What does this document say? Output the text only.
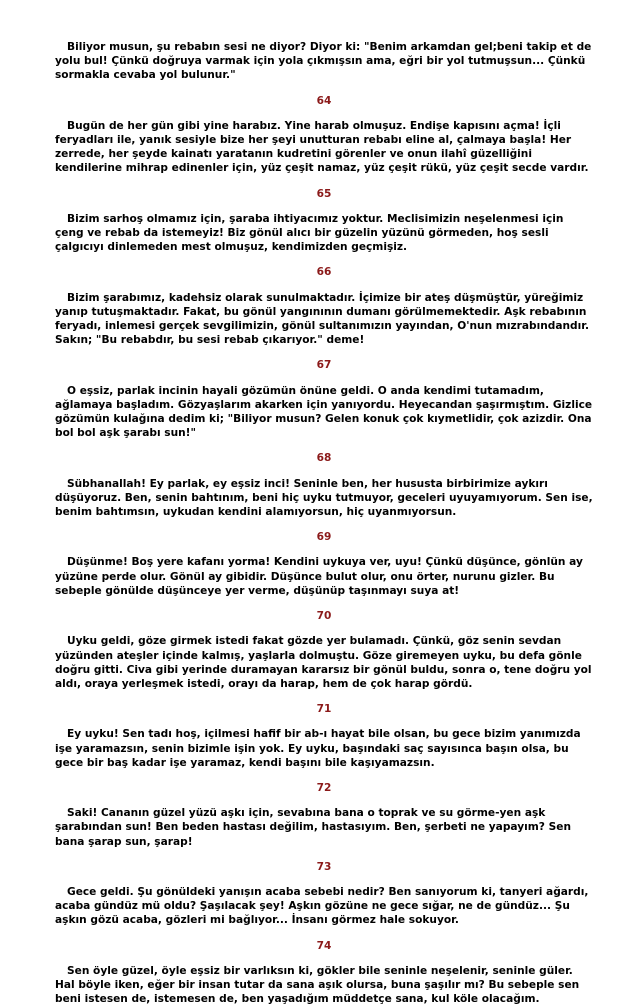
Biliyor musun, şu rebabın sesi ne diyor? Diyor ki: "Benim arkamdan gel;beni takip et de yolu bul! Çünkü doğruya varmak için yola çıkmışsın ama, eğri bir yol tutmuşsun... Çünkü sormakla cevaba yol bulunur."

64

Bugün de her gün gibi yine harabız. Yine harab olmuşuz. Endişe kapısını açma! İçli feryadları ile, yanık sesiyle bize her şeyi unutturan rebabı eline al, çalmaya başla! Her zerrede, her şeyde kainatı yaratanın kudretini görenler ve onun ilahî güzelliğini kendilerine mihrap edinenler için, yüz çeşit namaz, yüz çeşit rükü, yüz çeşit secde vardır.

65

Bizim sarhoş olmamız için, şaraba ihtiyacımız yoktur. Meclisimizin neşelenmesi için çeng ve rebab da istemeyiz! Biz gönül alıcı bir güzelin yüzünü görmeden, hoş sesli çalgıcıyı dinlemeden mest olmuşuz, kendimizden geçmişiz.

66

Bizim şarabımız, kadehsiz olarak sunulmaktadır. İçimize bir ateş düşmüştür, yüreğimiz yanıp tutuşmaktadır. Fakat, bu gönül yangınının dumanı görülmemektedir. Aşk rebabının feryadı, inlemesi gerçek sevgilimizin, gönül sultanımızın yayından, O'nun mızrabındandır. Sakın; "Bu rebabdır, bu sesi rebab çıkarıyor." deme!

67

O eşsiz, parlak incinin hayali gözümün önüne geldi. O anda kendimi tutamadım, ağlamaya başladım. Gözyaşlarım akarken için yanıyordu. Heyecandan şaşırmıştım. Gizlice gözümün kulağına dedim ki; "Biliyor musun? Gelen konuk çok kıymetlidir, çok azizdir. Ona bol bol aşk şarabı sun!"

68

Sübhanallah! Ey parlak, ey eşsiz inci! Seninle ben, her hususta birbirimize aykırı düşüyoruz. Ben, senin bahtınım, beni hiç uyku tutmuyor, geceleri uyuyamıyorum. Sen ise, benim bahtımsın, uykudan kendini alamıyorsun, hiç uyanmıyorsun.

69

Düşünme! Boş yere kafanı yorma! Kendini uykuya ver, uyu! Çünkü düşünce, gönlün ay yüzüne perde olur. Gönül ay gibidir. Düşünce bulut olur, onu örter, nurunu gizler. Bu sebeple gönülde düşünceye yer verme, düşünüp taşınmayı suya at!

70

Uyku geldi, göze girmek istedi fakat gözde yer bulamadı. Çünkü, göz senin sevdan yüzünden ateşler içinde kalmış, yaşlarla dolmuştu. Göze giremeyen uyku, bu defa gönle doğru gitti. Civa gibi yerinde duramayan kararsız bir gönül buldu, sonra o, tene doğru yol aldı, oraya yerleşmek istedi, orayı da harap, hem de çok harap gördü.

71

Ey uyku! Sen tadı hoş, içilmesi hafif bir ab-ı hayat bile olsan, bu gece bizim yanımızda işe yaramazsın, senin bizimle işin yok. Ey uyku, başındaki saç sayısınca başın olsa, bu gece bir baş kadar işe yaramaz, kendi başını bile kaşıyamazsın.

72

Saki! Cananın güzel yüzü aşkı için, sevabına bana o toprak ve su görme-yen aşk şarabından sun! Ben beden hastası değilim, hastasıyım. Ben, şerbeti ne yapayım? Sen bana şarap sun, şarap!

73

Gece geldi. Şu gönüldeki yanışın acaba sebebi nedir? Ben sanıyorum ki, tanyeri ağardı, acaba gündüz mü oldu? Şaşılacak şey! Aşkın gözüne ne gece sığar, ne de gündüz... Şu aşkın gözü acaba, gözleri mi bağlıyor... İnsanı görmez hale sokuyor.

74

Sen öyle güzel, öyle eşsiz bir varlıksın ki, gökler bile seninle neşelenir, seninle güler. Hal böyle iken, eğer bir insan tutar da sana aşık olursa, buna şaşılır mı? Bu sebeple sen beni istesen de, istemesen de, ben yaşadığım müddetçe sana, kul köle olacağım.
